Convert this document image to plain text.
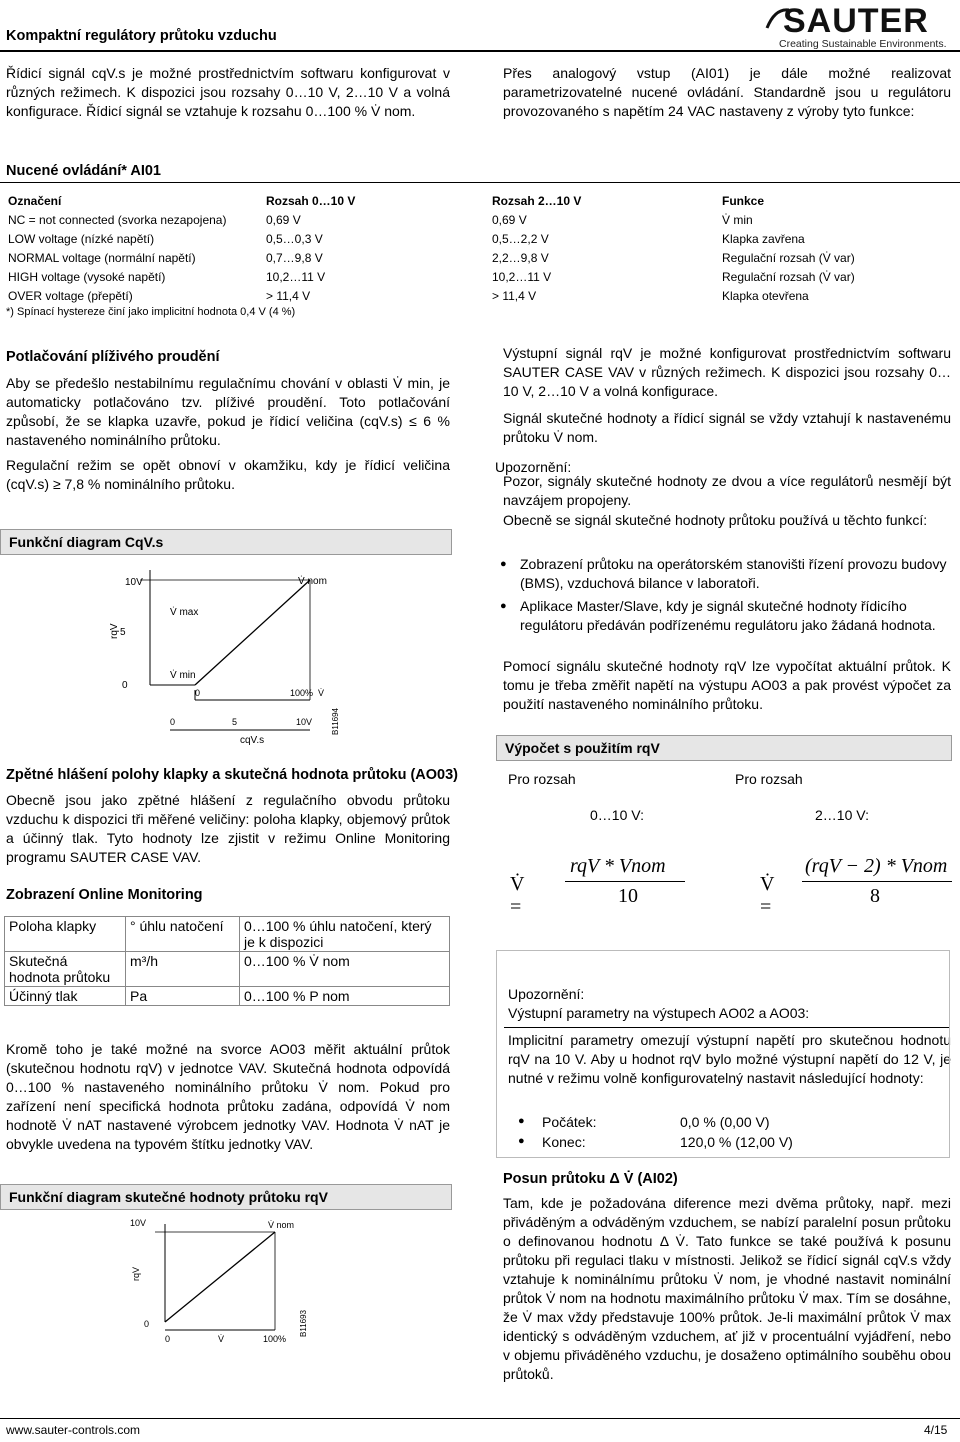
Kompaktní regulátory průtoku vzduchu	SAUTER
Creating Sustainable Environments.
Řídicí signál cqV.s je možné prostřednictvím softwaru konfigurovat v různých režimech. K dispozici jsou rozsahy 0…10 V, 2…10 V a volná konfigurace. Řídicí signál se vztahuje k rozsahu 0…100 % V̇ nom.
Přes analogový vstup (AI01) je dále možné realizovat parametrizovatelné nucené ovládání. Standardně jsou u regulátoru provozovaného s napětím 24 VAC nastaveny z výroby tyto funkce:
Nucené ovládání* AI01
Označení	Rozsah 0…10 V	Rozsah 2…10 V	Funkce
NC = not connected (svorka nezapojena)	0,69 V	0,69 V	V̇ min
LOW voltage (nízké napětí)	0,5…0,3 V	0,5…2,2 V	Klapka zavřena
NORMAL voltage (normální napětí)	0,7…9,8 V	2,2…9,8 V	Regulační rozsah (V̇ var)
HIGH voltage (vysoké napětí)	10,2…11 V	10,2…11 V	Regulační rozsah (V̇ var)
OVER voltage (přepětí)	> 11,4 V	> 11,4 V	Klapka otevřena
*) Spínací hystereze činí jako implicitní hodnota 0,4 V (4 %)
Potlačování plíživého proudění
Aby se předešlo nestabilnímu regulačnímu chování v oblasti V̇ min, je automaticky potlačováno tzv. plíživé proudění. Toto potlačování způsobí, že se klapka uzavře, pokud je řídicí veličina (cqV.s) ≤ 6 % nastaveného nominálního průtoku.
Regulační režim se opět obnoví v okamžiku, kdy je řídicí veličina (cqV.s) ≥ 7,8 % nominálního průtoku.
Funkční diagram CqV.s
10V
5
0
rqV
V̇ nom
V̇ max
V̇ min
0	100% V̇
0	5	10V
cqV.s
B11694
Zpětné hlášení polohy klapky a skutečná hodnota průtoku (AO03)
Obecně jsou jako zpětné hlášení z regulačního obvodu průtoku vzduchu k dispozici tři měřené veličiny: poloha klapky, objemový průtok a účinný tlak. Tyto hodnoty lze zjistit v režimu Online Monitoring programu SAUTER CASE VAV.
Zobrazení Online Monitoring
Poloha klapky	° úhlu natočení	0…100 % úhlu natočení, který je k dispozici
Skutečná hodnota průtoku	m³/h	0…100 % V̇ nom
Účinný tlak	Pa	0…100 % P nom
Kromě toho je také možné na svorce AO03 měřit aktuální průtok (skutečnou hodnotu rqV) v jednotce VAV. Skutečná hodnota odpovídá 0…100 % nastaveného nominálního průtoku V̇ nom. Pokud pro zařízení není specifická hodnota průtoku zadána, odpovídá V̇ nom hodnotě V̇ nAT nastavené výrobcem jednotky VAV. Hodnota V̇ nAT je obvykle uvedena na typovém štítku jednotky VAV.
Funkční diagram skutečné hodnoty průtoku rqV
10V
0
rqV
V̇ nom
0	V̇	100%
B11693
Výstupní signál rqV je možné konfigurovat prostřednictvím softwaru SAUTER CASE VAV v různých režimech. K dispozici jsou rozsahy 0…10 V, 2…10 V a volná konfigurace.
Signál skutečné hodnoty a řídicí signál se vždy vztahují k nastavenému průtoku V̇ nom.
Upozornění:
Pozor, signály skutečné hodnoty ze dvou a více regulátorů nesmějí být navzájem propojeny.
Obecně se signál skutečné hodnoty průtoku používá u těchto funkcí:
● Zobrazení průtoku na operátorském stanovišti řízení provozu budovy (BMS), vzduchová bilance v laboratoři.
● Aplikace Master/Slave, kdy je signál skutečné hodnoty řídicího regulátoru předáván podřízenému regulátoru jako žádaná hodnota.
Pomocí signálu skutečné hodnoty rqV lze vypočítat aktuální průtok. K tomu je třeba změřit napětí na výstupu AO03 a pak provést výpočet za použití nastaveného nominálního průtoku.
Výpočet s použitím rqV
Pro rozsah	Pro rozsah
0…10 V:	2…10 V:
V̇ =
rqV * Vnom
10
V̇ =
(rqV − 2) * Vnom
8
Upozornění:
Výstupní parametry na výstupech AO02 a AO03:
Implicitní parametry omezují výstupní napětí pro skutečnou hodnotu rqV na 10 V. Aby u hodnot rqV bylo možné výstupní napětí do 12 V, je nutné v režimu volně konfigurovatelný nastavit následující hodnoty:
● Počátek:	0,0 % (0,00 V)
● Konec:	120,0 % (12,00 V)
Posun průtoku Δ V̇ (AI02)
Tam, kde je požadována diference mezi dvěma průtoky, např. mezi přiváděným a odváděným vzduchem, se nabízí paralelní posun průtoku o definovanou hodnotu Δ V̇. Tato funkce se také používá k posunu průtoku při regulaci tlaku v místnosti. Jelikož se řídicí signál cqV.s vždy vztahuje k nominálnímu průtoku V̇ nom, je vhodné nastavit nominální průtok V̇ nom na hodnotu maximálního průtoku V̇ max. Tím se dosáhne, že V̇ max vždy představuje 100% průtok. Je-li maximální průtok V̇ max identický s odváděným vzduchem, ať již v procentuální vyjádření, nebo v objemu přiváděného vzduchu, je dosaženo optimálního souběhu obou průtoků.
www.sauter-controls.com	4/15
